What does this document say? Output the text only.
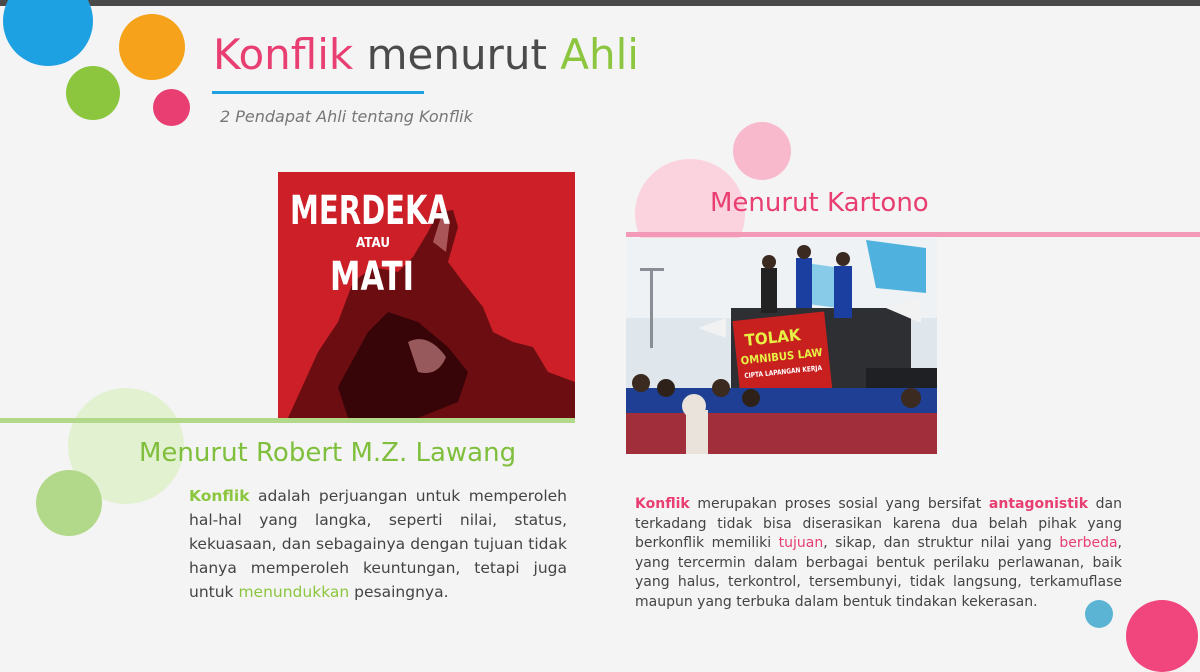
Konflik menurut Ahli

2 Pendapat Ahli tentang Konflik

MERDEKA
ATAU
MATI
TOLAK
OMNIBUS LAW
CIPTA LAPANGAN KERJA
Menurut Robert M.Z. Lawang
Menurut Kartono

Konflik adalah perjuangan untuk memperoleh hal-hal yang langka, seperti nilai, status, kekuasaan, dan sebagainya dengan tujuan tidak hanya memperoleh keuntungan, tetapi juga untuk menundukkan pesaingnya.

Konflik merupakan proses sosial yang bersifat antagonistik dan terkadang tidak bisa diserasikan karena dua belah pihak yang berkonflik memiliki tujuan, sikap, dan struktur nilai yang berbeda, yang tercermin dalam berbagai bentuk perilaku perlawanan, baik yang halus, terkontrol, tersembunyi, tidak langsung, terkamuflase maupun yang terbuka dalam bentuk tindakan kekerasan.
